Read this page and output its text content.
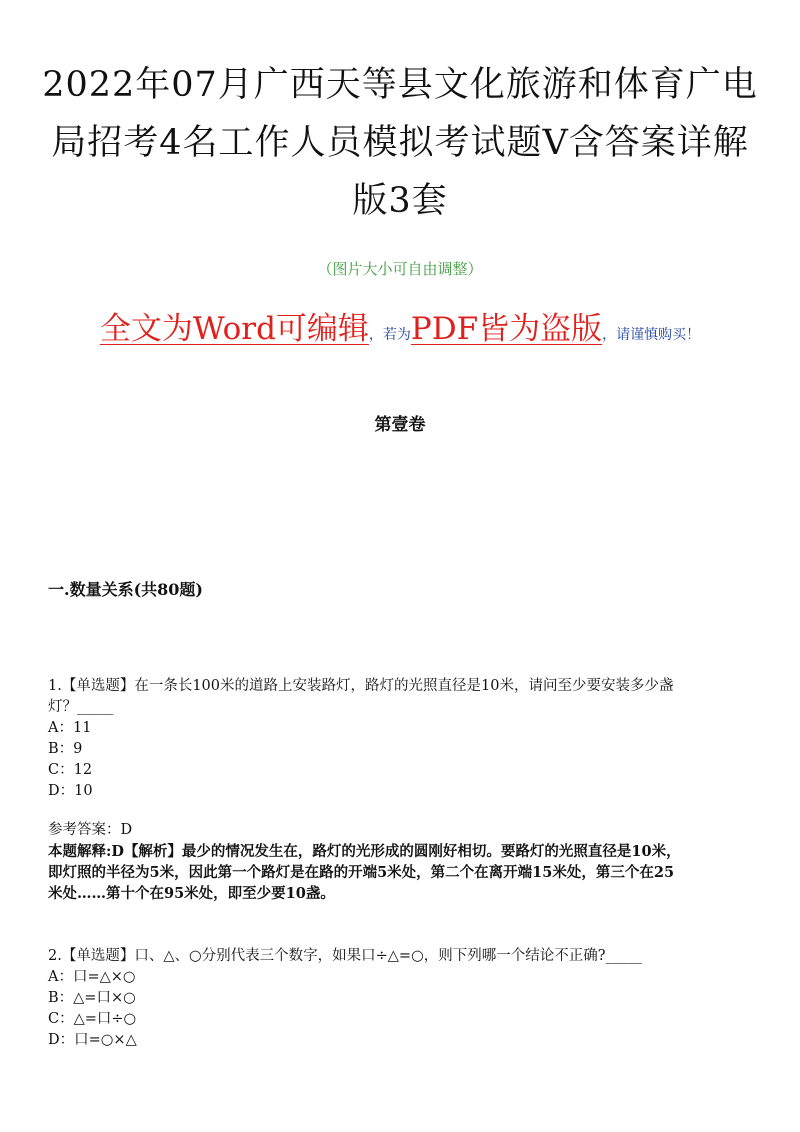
2022年07月广西天等县文化旅游和体育广电
局招考4名工作人员模拟考试题V含答案详解
版3套
（图片大小可自由调整）
全文为Word可编辑，若为PDF皆为盗版，请谨慎购买！
第壹卷
一.数量关系(共80题)
1.【单选题】在一条长100米的道路上安装路灯，路灯的光照直径是10米，请问至少要安装多少盏
灯？_____
A：11
B：9
C：12
D：10
参考答案：D
本题解释:D【解析】最少的情况发生在，路灯的光形成的圆刚好相切。要路灯的光照直径是10米，
即灯照的半径为5米，因此第一个路灯是在路的开端5米处，第二个在离开端15米处，第三个在25
米处……第十个在95米处，即至少要10盏。
2.【单选题】口、△、○分别代表三个数字，如果口÷△=○，则下列哪一个结论不正确?_____
A：口=△×○
B：△=口×○
C：△=口÷○
D：口=○×△
